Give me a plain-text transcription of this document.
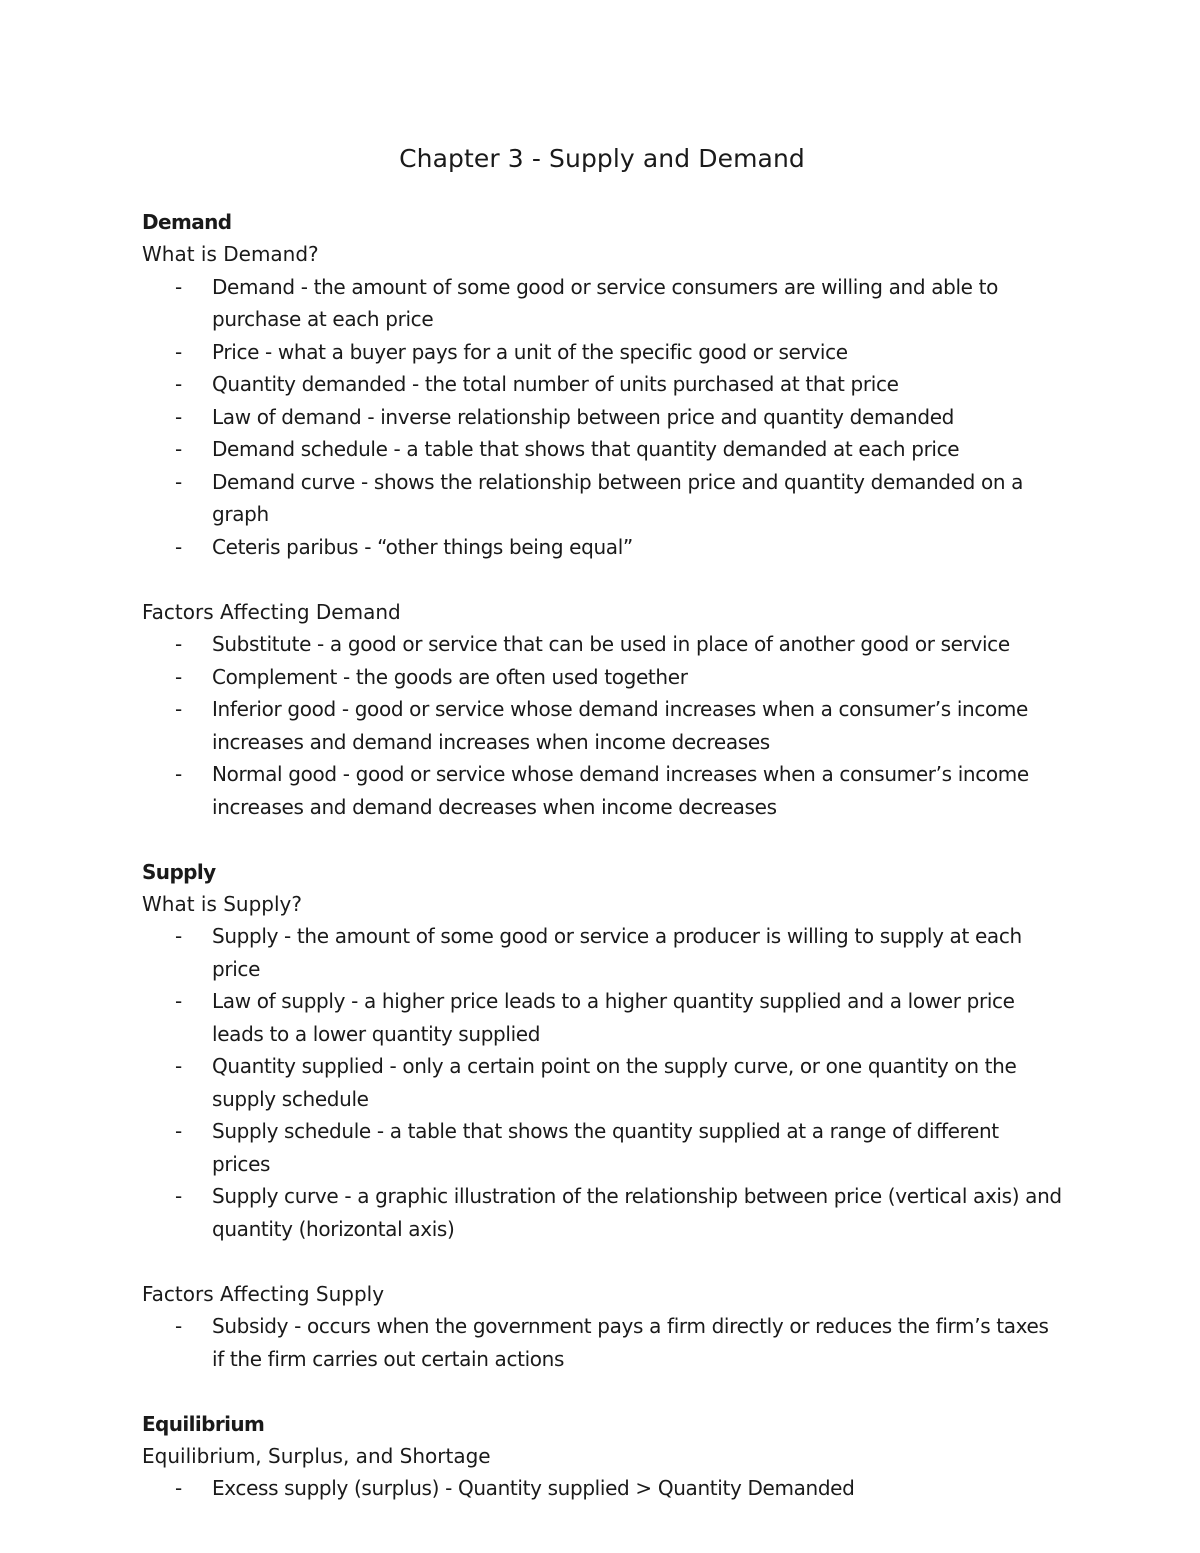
Chapter 3 - Supply and Demand
Demand
What is Demand?
- Demand - the amount of some good or service consumers are willing and able to purchase at each price
- Price - what a buyer pays for a unit of the specific good or service
- Quantity demanded - the total number of units purchased at that price
- Law of demand - inverse relationship between price and quantity demanded
- Demand schedule - a table that shows that quantity demanded at each price
- Demand curve - shows the relationship between price and quantity demanded on a graph
- Ceteris paribus - “other things being equal”
Factors Affecting Demand
- Substitute - a good or service that can be used in place of another good or service
- Complement - the goods are often used together
- Inferior good - good or service whose demand increases when a consumer’s income increases and demand increases when income decreases
- Normal good - good or service whose demand increases when a consumer’s income increases and demand decreases when income decreases
Supply
What is Supply?
- Supply - the amount of some good or service a producer is willing to supply at each price
- Law of supply - a higher price leads to a higher quantity supplied and a lower price leads to a lower quantity supplied
- Quantity supplied - only a certain point on the supply curve, or one quantity on the supply schedule
- Supply schedule - a table that shows the quantity supplied at a range of different prices
- Supply curve - a graphic illustration of the relationship between price (vertical axis) and quantity (horizontal axis)
Factors Affecting Supply
- Subsidy - occurs when the government pays a firm directly or reduces the firm’s taxes if the firm carries out certain actions
Equilibrium
Equilibrium, Surplus, and Shortage
- Excess supply (surplus) - Quantity supplied > Quantity Demanded
